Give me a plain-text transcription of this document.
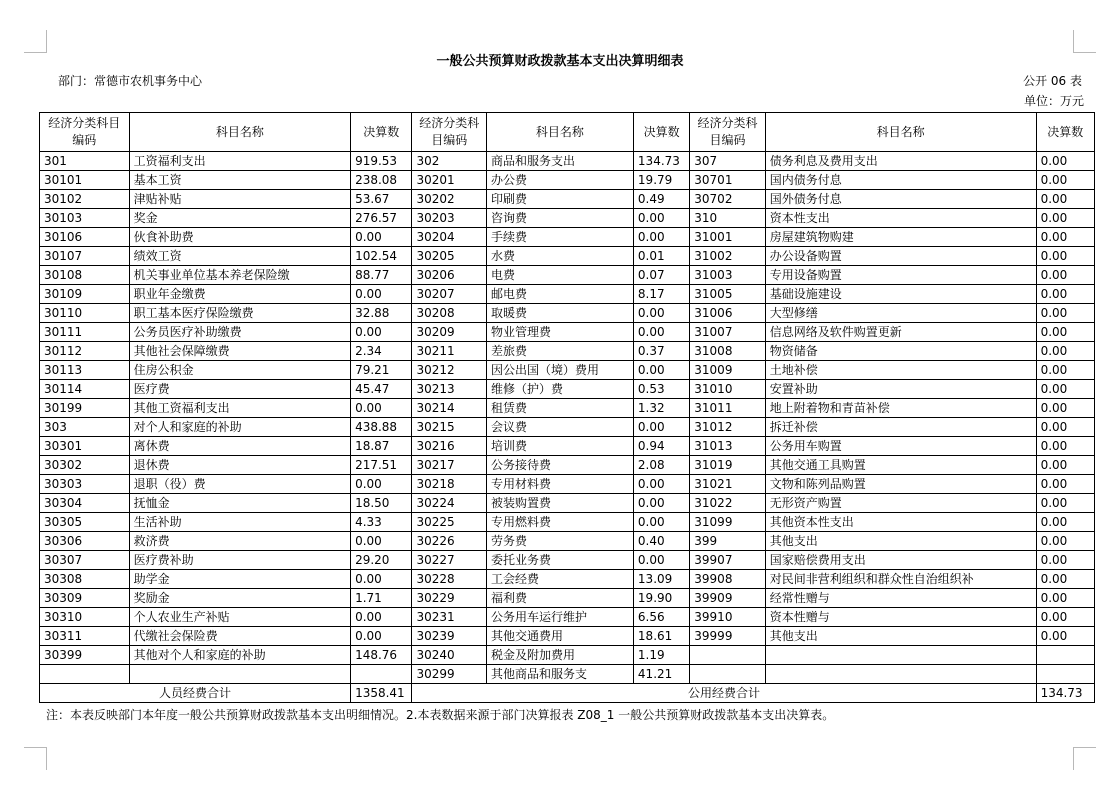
一般公共预算财政拨款基本支出决算明细表
部门：常德市农机事务中心	公开 06 表
单位：万元
经济分类科目编码	科目名称	决算数	经济分类科目编码	科目名称	决算数	经济分类科目编码	科目名称	决算数
301	工资福利支出	919.53	302	商品和服务支出	134.73	307	债务利息及费用支出	0.00
30101	基本工资	238.08	30201	办公费	19.79	30701	国内债务付息	0.00
30102	津贴补贴	53.67	30202	印刷费	0.49	30702	国外债务付息	0.00
30103	奖金	276.57	30203	咨询费	0.00	310	资本性支出	0.00
30106	伙食补助费	0.00	30204	手续费	0.00	31001	房屋建筑物购建	0.00
30107	绩效工资	102.54	30205	水费	0.01	31002	办公设备购置	0.00
30108	机关事业单位基本养老保险缴	88.77	30206	电费	0.07	31003	专用设备购置	0.00
30109	职业年金缴费	0.00	30207	邮电费	8.17	31005	基础设施建设	0.00
30110	职工基本医疗保险缴费	32.88	30208	取暖费	0.00	31006	大型修缮	0.00
30111	公务员医疗补助缴费	0.00	30209	物业管理费	0.00	31007	信息网络及软件购置更新	0.00
30112	其他社会保障缴费	2.34	30211	差旅费	0.37	31008	物资储备	0.00
30113	住房公积金	79.21	30212	因公出国（境）费用	0.00	31009	土地补偿	0.00
30114	医疗费	45.47	30213	维修（护）费	0.53	31010	安置补助	0.00
30199	其他工资福利支出	0.00	30214	租赁费	1.32	31011	地上附着物和青苗补偿	0.00
303	对个人和家庭的补助	438.88	30215	会议费	0.00	31012	拆迁补偿	0.00
30301	离休费	18.87	30216	培训费	0.94	31013	公务用车购置	0.00
30302	退休费	217.51	30217	公务接待费	2.08	31019	其他交通工具购置	0.00
30303	退职（役）费	0.00	30218	专用材料费	0.00	31021	文物和陈列品购置	0.00
30304	抚恤金	18.50	30224	被装购置费	0.00	31022	无形资产购置	0.00
30305	生活补助	4.33	30225	专用燃料费	0.00	31099	其他资本性支出	0.00
30306	救济费	0.00	30226	劳务费	0.40	399	其他支出	0.00
30307	医疗费补助	29.20	30227	委托业务费	0.00	39907	国家赔偿费用支出	0.00
30308	助学金	0.00	30228	工会经费	13.09	39908	对民间非营利组织和群众性自治组织补	0.00
30309	奖励金	1.71	30229	福利费	19.90	39909	经常性赠与	0.00
30310	个人农业生产补贴	0.00	30231	公务用车运行维护	6.56	39910	资本性赠与	0.00
30311	代缴社会保险费	0.00	30239	其他交通费用	18.61	39999	其他支出	0.00
30399	其他对个人和家庭的补助	148.76	30240	税金及附加费用	1.19			
			30299	其他商品和服务支	41.21			
人员经费合计		1358.41	公用经费合计					134.73
注：本表反映部门本年度一般公共预算财政拨款基本支出明细情况。2.本表数据来源于部门决算报表 Z08_1 一般公共预算财政拨款基本支出决算表。
